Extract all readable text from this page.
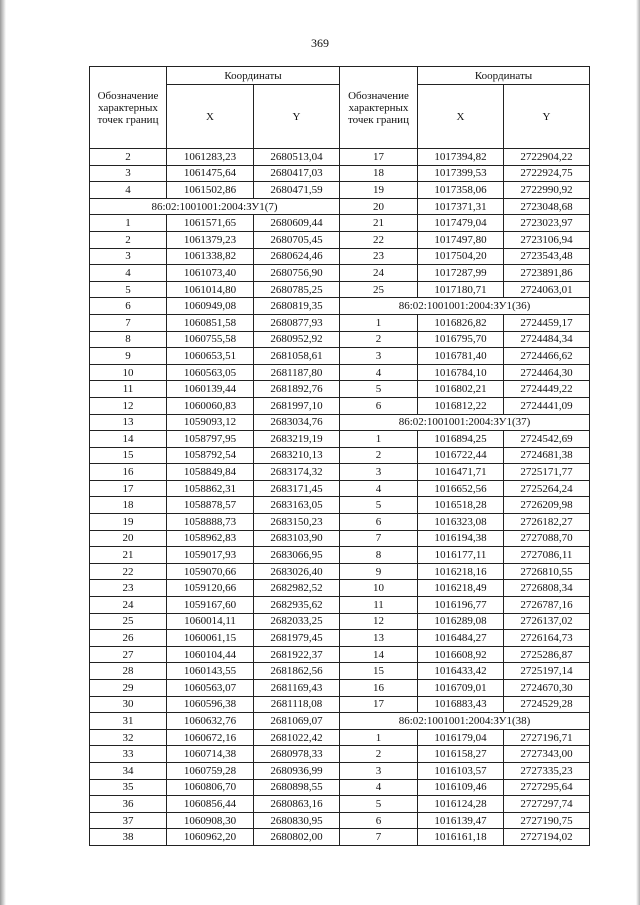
369
Обозначение характерных точек границ	Координаты		Обозначение характерных точек границ	Координаты	
	X	Y		X	Y
2	1061283,23	2680513,04	17	1017394,82	2722904,22
3	1061475,64	2680417,03	18	1017399,53	2722924,75
4	1061502,86	2680471,59	19	1017358,06	2722990,92
86:02:1001001:2004:ЗУ1(7)			20	1017371,31	2723048,68
1	1061571,65	2680609,44	21	1017479,04	2723023,97
2	1061379,23	2680705,45	22	1017497,80	2723106,94
3	1061338,82	2680624,46	23	1017504,20	2723543,48
4	1061073,40	2680756,90	24	1017287,99	2723891,86
5	1061014,80	2680785,25	25	1017180,71	2724063,01
6	1060949,08	2680819,35	86:02:1001001:2004:ЗУ1(36)		
7	1060851,58	2680877,93	1	1016826,82	2724459,17
8	1060755,58	2680952,92	2	1016795,70	2724484,34
9	1060653,51	2681058,61	3	1016781,40	2724466,62
10	1060563,05	2681187,80	4	1016784,10	2724464,30
11	1060139,44	2681892,76	5	1016802,21	2724449,22
12	1060060,83	2681997,10	6	1016812,22	2724441,09
13	1059093,12	2683034,76	86:02:1001001:2004:ЗУ1(37)		
14	1058797,95	2683219,19	1	1016894,25	2724542,69
15	1058792,54	2683210,13	2	1016722,44	2724681,38
16	1058849,84	2683174,32	3	1016471,71	2725171,77
17	1058862,31	2683171,45	4	1016652,56	2725264,24
18	1058878,57	2683163,05	5	1016518,28	2726209,98
19	1058888,73	2683150,23	6	1016323,08	2726182,27
20	1058962,83	2683103,90	7	1016194,38	2727088,70
21	1059017,93	2683066,95	8	1016177,11	2727086,11
22	1059070,66	2683026,40	9	1016218,16	2726810,55
23	1059120,66	2682982,52	10	1016218,49	2726808,34
24	1059167,60	2682935,62	11	1016196,77	2726787,16
25	1060014,11	2682033,25	12	1016289,08	2726137,02
26	1060061,15	2681979,45	13	1016484,27	2726164,73
27	1060104,44	2681922,37	14	1016608,92	2725286,87
28	1060143,55	2681862,56	15	1016433,42	2725197,14
29	1060563,07	2681169,43	16	1016709,01	2724670,30
30	1060596,38	2681118,08	17	1016883,43	2724529,28
31	1060632,76	2681069,07	86:02:1001001:2004:ЗУ1(38)		
32	1060672,16	2681022,42	1	1016179,04	2727196,71
33	1060714,38	2680978,33	2	1016158,27	2727343,00
34	1060759,28	2680936,99	3	1016103,57	2727335,23
35	1060806,70	2680898,55	4	1016109,46	2727295,64
36	1060856,44	2680863,16	5	1016124,28	2727297,74
37	1060908,30	2680830,95	6	1016139,47	2727190,75
38	1060962,20	2680802,00	7	1016161,18	2727194,02
